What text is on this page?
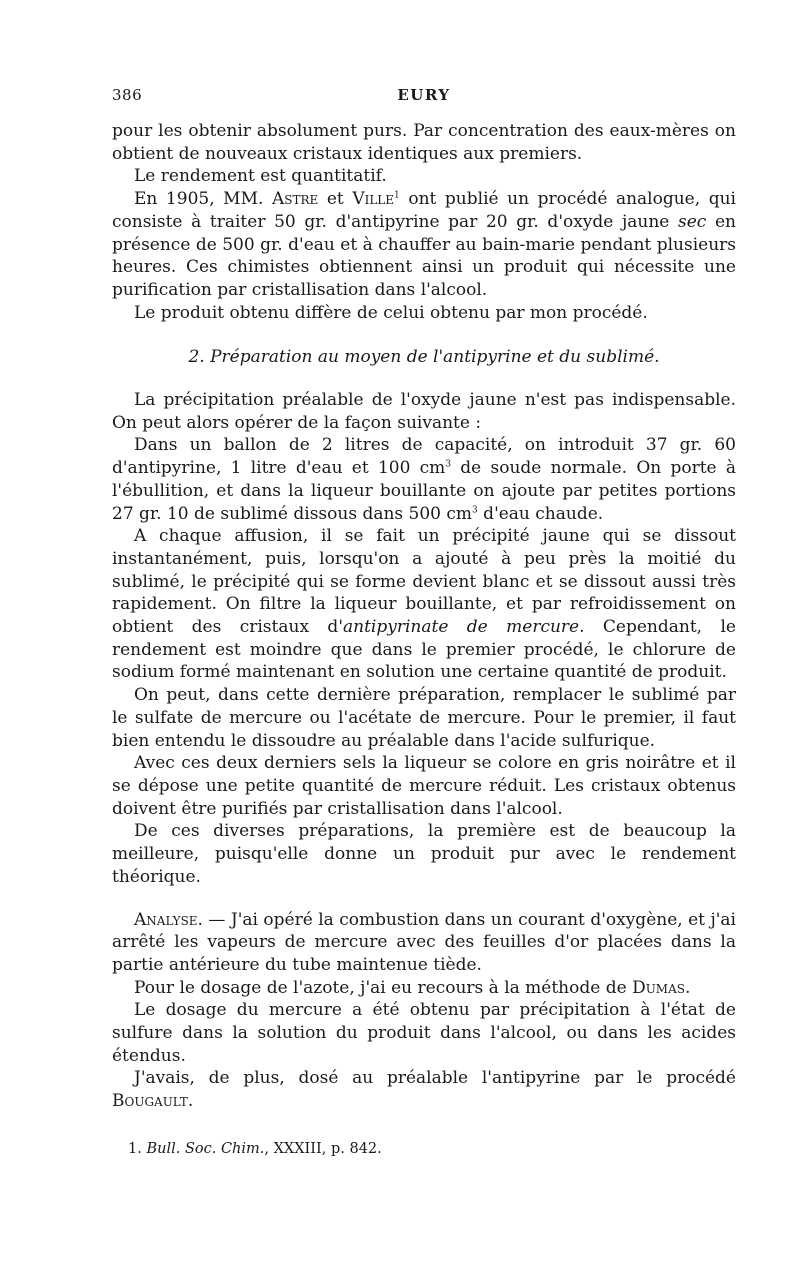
386	EURY

pour les obtenir absolument purs. Par concentration des eaux-mères on obtient de nouveaux cristaux identiques aux premiers.

Le rendement est quantitatif.

En 1905, MM. Astre et Ville$^1$ ont publié un procédé analogue, qui consiste à traiter 50 gr. d'antipyrine par 20 gr. d'oxyde jaune sec en présence de 500 gr. d'eau et à chauffer au bain-marie pendant plusieurs heures. Ces chimistes obtiennent ainsi un produit qui nécessite une purification par cristallisation dans l'alcool.

Le produit obtenu diffère de celui obtenu par mon procédé.

2. Préparation au moyen de l'antipyrine et du sublimé.

La précipitation préalable de l'oxyde jaune n'est pas indispensable. On peut alors opérer de la façon suivante :

Dans un ballon de 2 litres de capacité, on introduit 37 gr. 60 d'antipyrine, 1 litre d'eau et 100 $cm^3$ de soude normale. On porte à l'ébullition, et dans la liqueur bouillante on ajoute par petites portions 27 gr. 10 de sublimé dissous dans 500 $cm^3$ d'eau chaude.

A chaque affusion, il se fait un précipité jaune qui se dissout instantanément, puis, lorsqu'on a ajouté à peu près la moitié du sublimé, le précipité qui se forme devient blanc et se dissout aussi très rapidement. On filtre la liqueur bouillante, et par refroidissement on obtient des cristaux d'antipyrinate de mercure. Cependant, le rendement est moindre que dans le premier procédé, le chlorure de sodium formé maintenant en solution une certaine quantité de produit.

On peut, dans cette dernière préparation, remplacer le sublimé par le sulfate de mercure ou l'acétate de mercure. Pour le premier, il faut bien entendu le dissoudre au préalable dans l'acide sulfurique.

Avec ces deux derniers sels la liqueur se colore en gris noirâtre et il se dépose une petite quantité de mercure réduit. Les cristaux obtenus doivent être purifiés par cristallisation dans l'alcool.

De ces diverses préparations, la première est de beaucoup la meilleure, puisqu'elle donne un produit pur avec le rendement théorique.

Analyse. — J'ai opéré la combustion dans un courant d'oxygène, et j'ai arrêté les vapeurs de mercure avec des feuilles d'or placées dans la partie antérieure du tube maintenue tiède.

Pour le dosage de l'azote, j'ai eu recours à la méthode de Dumas.

Le dosage du mercure a été obtenu par précipitation à l'état de sulfure dans la solution du produit dans l'alcool, ou dans les acides étendus.

J'avais, de plus, dosé au préalable l'antipyrine par le procédé Bougault.

1. Bull. Soc. Chim., XXXIII, p. 842.
